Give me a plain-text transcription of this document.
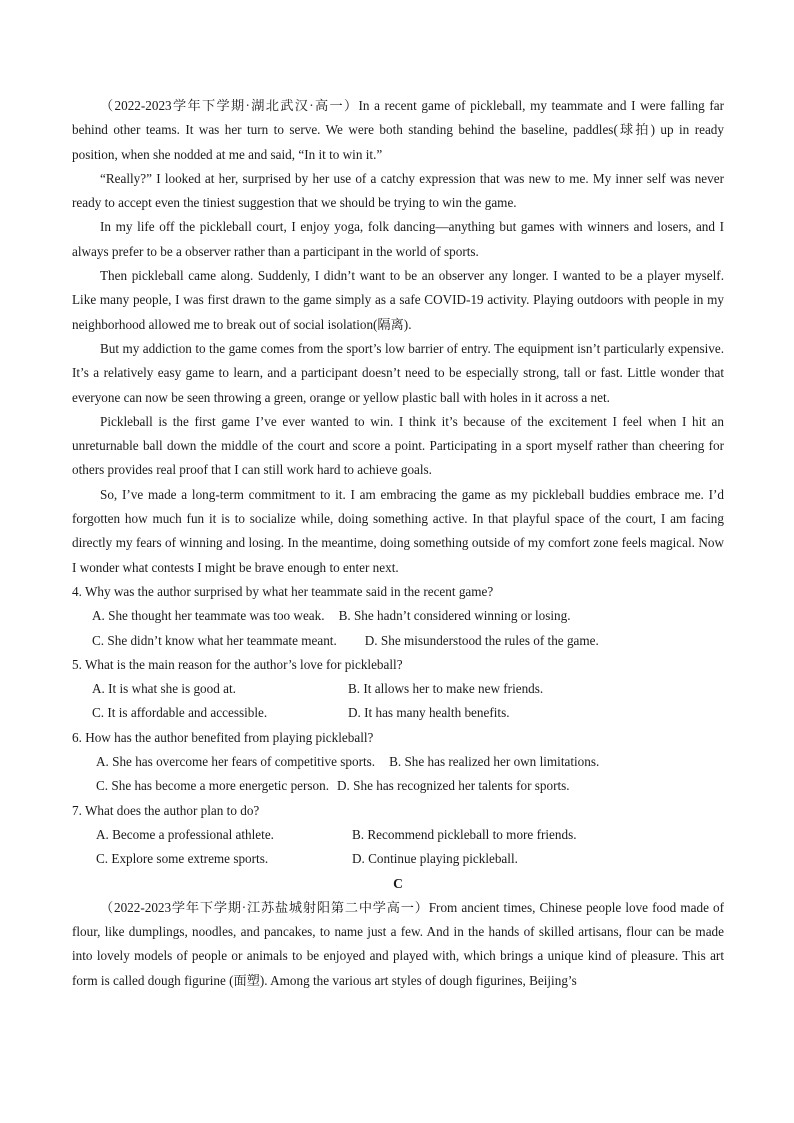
（2022-2023学年下学期·湖北武汉·高一）In a recent game of pickleball, my teammate and I were falling far behind other teams. It was her turn to serve. We were both standing behind the baseline, paddles(球拍) up in ready position, when she nodded at me and said, “In it to win it.”

“Really?” I looked at her, surprised by her use of a catchy expression that was new to me. My inner self was never ready to accept even the tiniest suggestion that we should be trying to win the game.

In my life off the pickleball court, I enjoy yoga, folk dancing—anything but games with winners and losers, and I always prefer to be a observer rather than a participant in the world of sports.

Then pickleball came along. Suddenly, I didn’t want to be an observer any longer. I wanted to be a player myself. Like many people, I was first drawn to the game simply as a safe COVID-19 activity. Playing outdoors with people in my neighborhood allowed me to break out of social isolation(隔离).

But my addiction to the game comes from the sport’s low barrier of entry. The equipment isn’t particularly expensive. It’s a relatively easy game to learn, and a participant doesn’t need to be especially strong, tall or fast. Little wonder that everyone can now be seen throwing a green, orange or yellow plastic ball with holes in it across a net.

Pickleball is the first game I’ve ever wanted to win. I think it’s because of the excitement I feel when I hit an unreturnable ball down the middle of the court and score a point. Participating in a sport myself rather than cheering for others provides real proof that I can still work hard to achieve goals.

So, I’ve made a long-term commitment to it. I am embracing the game as my pickleball buddies embrace me. I’d forgotten how much fun it is to socialize while, doing something active. In that playful space of the court, I am facing directly my fears of winning and losing. In the meantime, doing something outside of my comfort zone feels magical. Now I wonder what contests I might be brave enough to enter next.

4. Why was the author surprised by what her teammate said in the recent game?

A. She thought her teammate was too weak. B. She hadn’t considered winning or losing.
C. She didn’t know what her teammate meant. D. She misunderstood the rules of the game.

5. What is the main reason for the author’s love for pickleball?

A. It is what she is good at.	B. It allows her to make new friends.
C. It is affordable and accessible.	D. It has many health benefits.

6. How has the author benefited from playing pickleball?

A. She has overcome her fears of competitive sports. B. She has realized her own limitations.
C. She has become a more energetic person. D. She has recognized her talents for sports.

7. What does the author plan to do?

A. Become a professional athlete.	B. Recommend pickleball to more friends.
C. Explore some extreme sports.	D. Continue playing pickleball.

C

（2022-2023学年下学期·江苏盐城射阳第二中学高一）From ancient times, Chinese people love food made of flour, like dumplings, noodles, and pancakes, to name just a few. And in the hands of skilled artisans, flour can be made into lovely models of people or animals to be enjoyed and played with, which brings a unique kind of pleasure. This art form is called dough figurine (面塑). Among the various art styles of dough figurines, Beijing’s
